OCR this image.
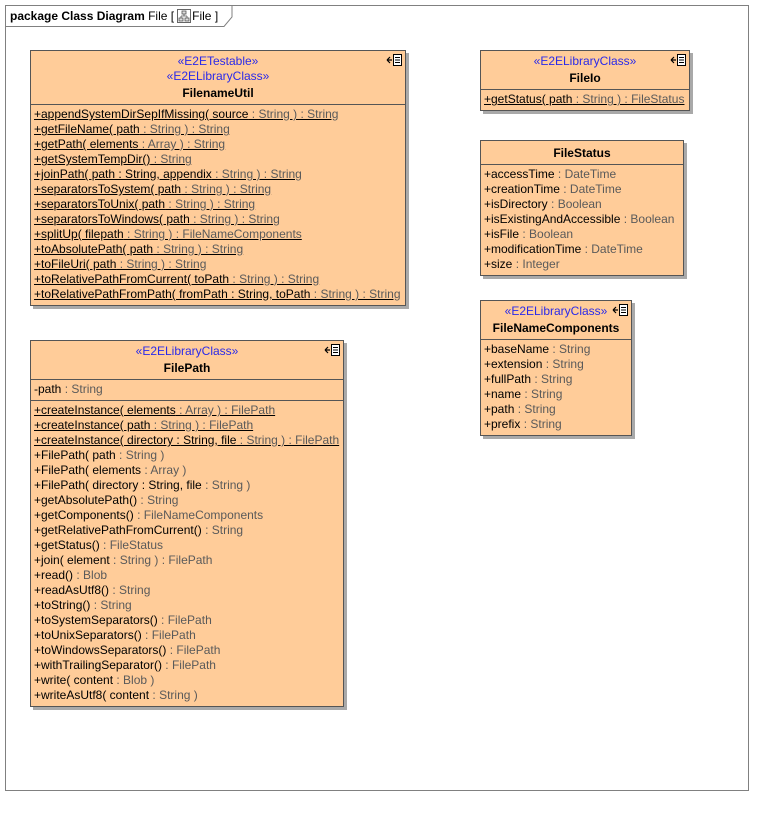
package Class Diagram File [ File ]
«E2ETestable»
«E2ELibraryClass»
FilenameUtil
+appendSystemDirSepIfMissing( source : String ) : String
+getFileName( path : String ) : String
+getPath( elements : Array ) : String
+getSystemTempDir() : String
+joinPath( path : String, appendix : String ) : String
+separatorsToSystem( path : String ) : String
+separatorsToUnix( path : String ) : String
+separatorsToWindows( path : String ) : String
+splitUp( filepath : String ) : FileNameComponents
+toAbsolutePath( path : String ) : String
+toFileUri( path : String ) : String
+toRelativePathFromCurrent( toPath : String ) : String
+toRelativePathFromPath( fromPath : String, toPath : String ) : String
«E2ELibraryClass»
FileIo
+getStatus( path : String ) : FileStatus
FileStatus
+accessTime : DateTime
+creationTime : DateTime
+isDirectory : Boolean
+isExistingAndAccessible : Boolean
+isFile : Boolean
+modificationTime : DateTime
+size : Integer
«E2ELibraryClass»
FileNameComponents
+baseName : String
+extension : String
+fullPath : String
+name : String
+path : String
+prefix : String
«E2ELibraryClass»
FilePath
-path : String
+createInstance( elements : Array ) : FilePath
+createInstance( path : String ) : FilePath
+createInstance( directory : String, file : String ) : FilePath
+FilePath( path : String )
+FilePath( elements : Array )
+FilePath( directory : String, file : String )
+getAbsolutePath() : String
+getComponents() : FileNameComponents
+getRelativePathFromCurrent() : String
+getStatus() : FileStatus
+join( element : String ) : FilePath
+read() : Blob
+readAsUtf8() : String
+toString() : String
+toSystemSeparators() : FilePath
+toUnixSeparators() : FilePath
+toWindowsSeparators() : FilePath
+withTrailingSeparator() : FilePath
+write( content : Blob )
+writeAsUtf8( content : String )
